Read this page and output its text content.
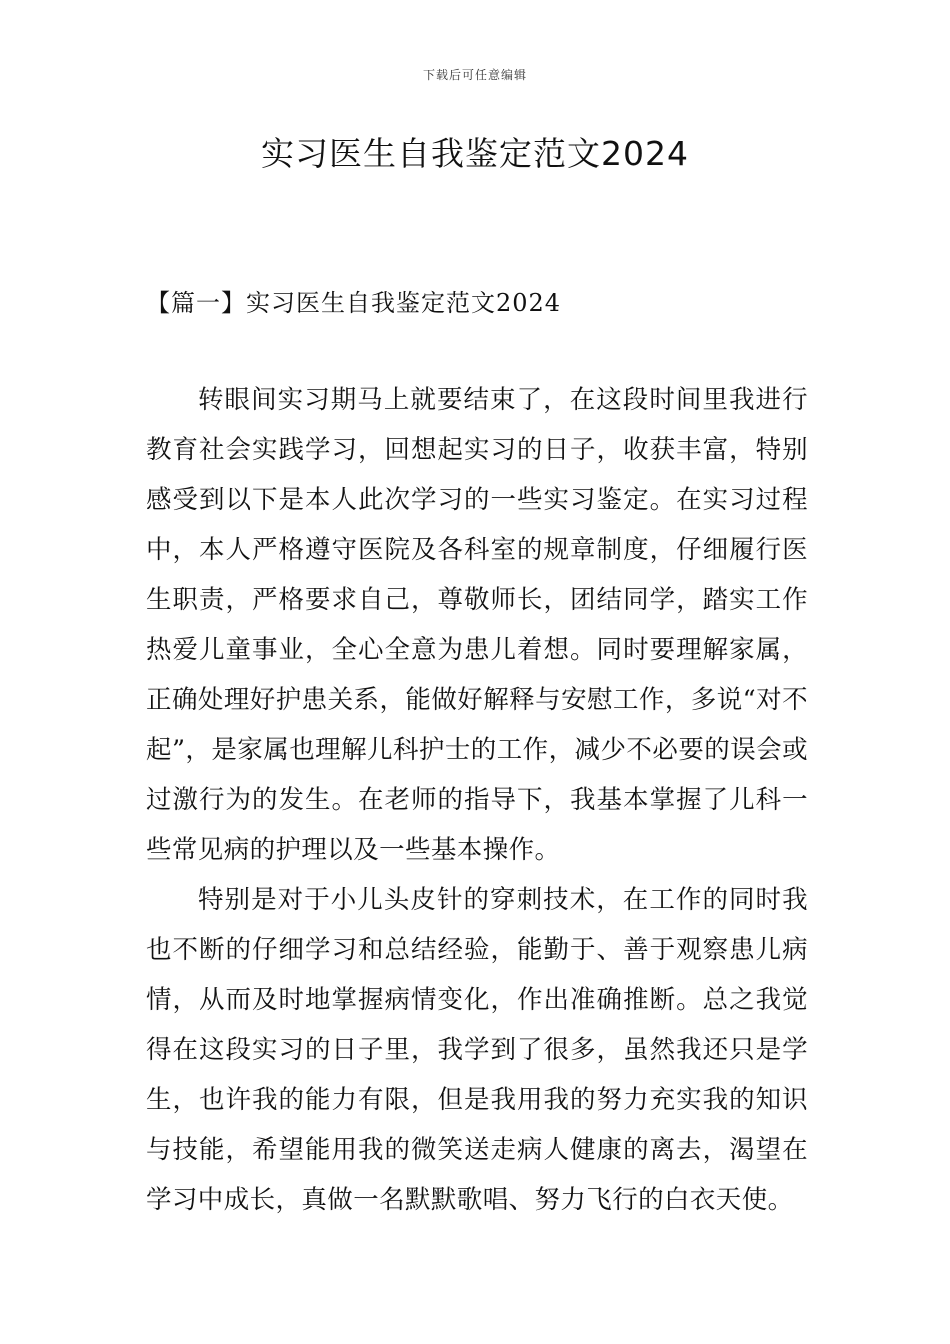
下载后可任意编辑
实习医生自我鉴定范文2024
【篇一】实习医生自我鉴定范文2024

转眼间实习期马上就要结束了，在这段时间里我进行教育社会实践学习，回想起实习的日子，收获丰富，特别感受到以下是本人此次学习的一些实习鉴定。在实习过程中，本人严格遵守医院及各科室的规章制度，仔细履行医生职责，严格要求自己，尊敬师长，团结同学，踏实工作热爱儿童事业，全心全意为患儿着想。同时要理解家属，正确处理好护患关系，能做好解释与安慰工作，多说“对不起”，是家属也理解儿科护士的工作，减少不必要的误会或过激行为的发生。在老师的指导下，我基本掌握了儿科一些常见病的护理以及一些基本操作。

特别是对于小儿头皮针的穿刺技术，在工作的同时我也不断的仔细学习和总结经验，能勤于、善于观察患儿病情，从而及时地掌握病情变化，作出准确推断。总之我觉得在这段实习的日子里，我学到了很多，虽然我还只是学生，也许我的能力有限，但是我用我的努力充实我的知识与技能，希望能用我的微笑送走病人健康的离去，渴望在学习中成长，真做一名默默歌唱、努力飞行的白衣天使。
